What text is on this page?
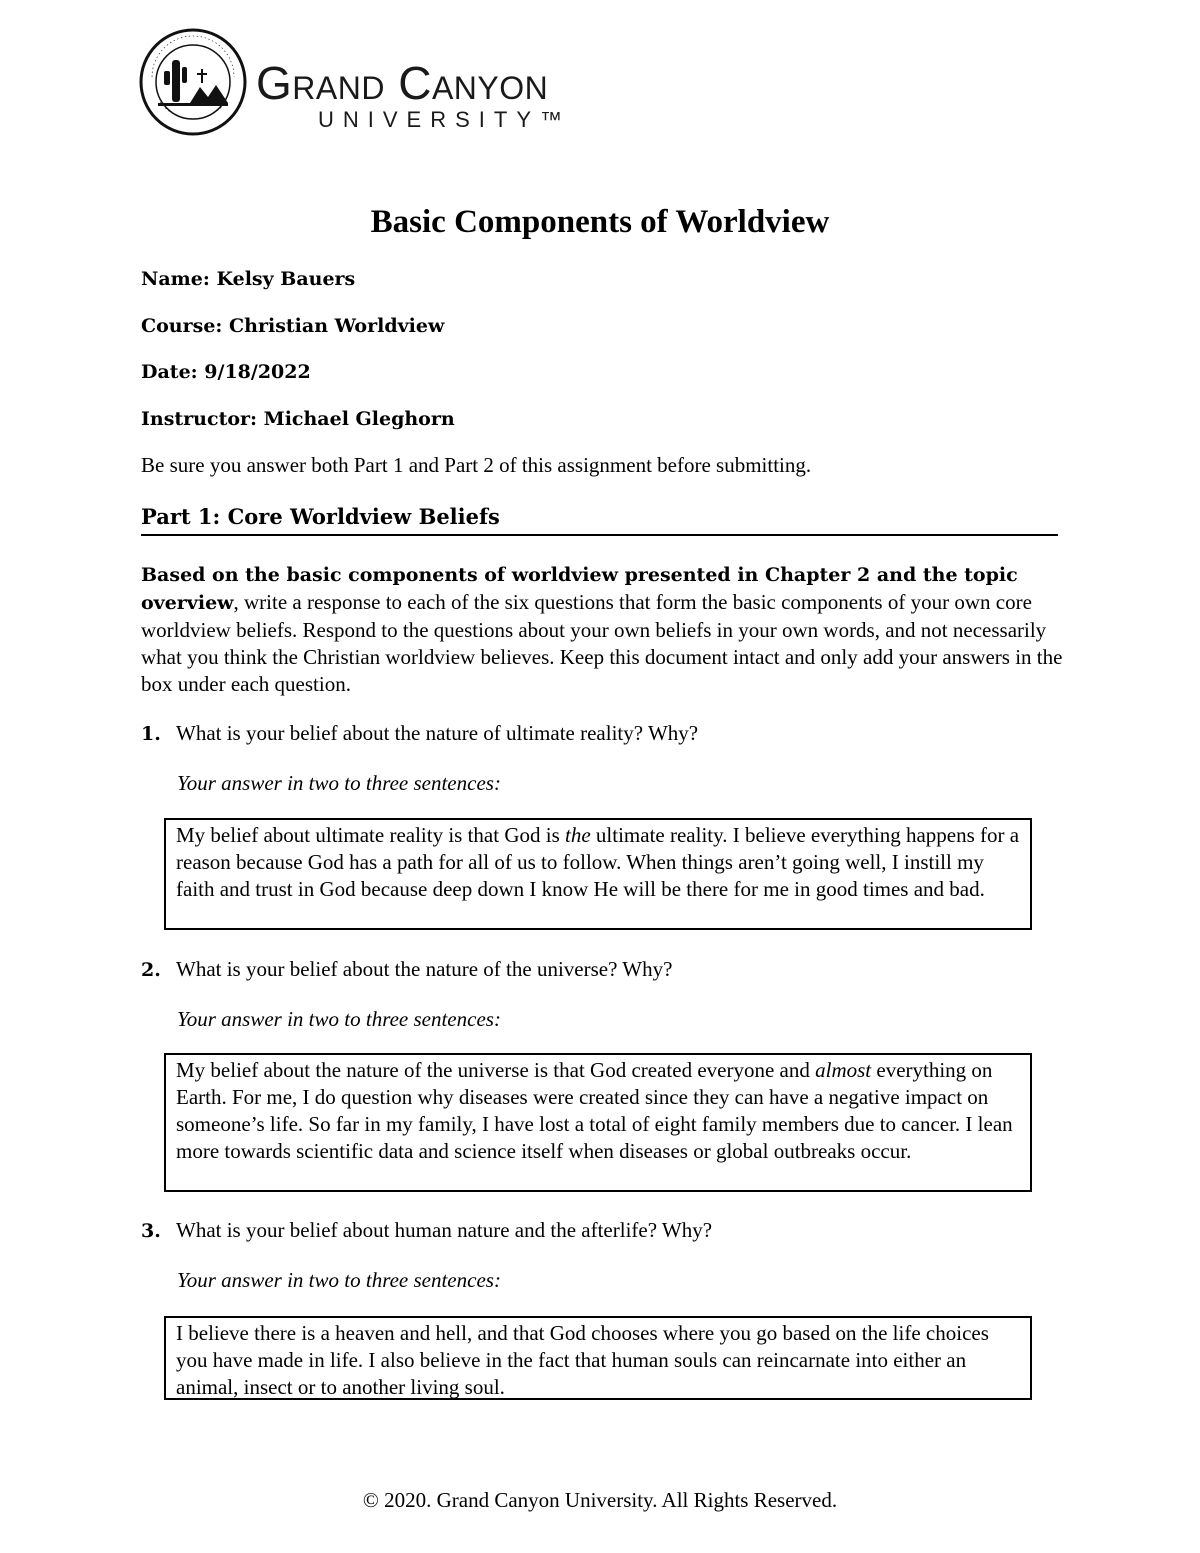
Grand Canyon
UNIVERSITY™
Basic Components of Worldview
Name: Kelsy Bauers
Course: Christian Worldview
Date: 9/18/2022
Instructor: Michael Gleghorn
Be sure you answer both Part 1 and Part 2 of this assignment before submitting.
Part 1: Core Worldview Beliefs
Based on the basic components of worldview presented in Chapter 2 and the topic overview, write a response to each of the six questions that form the basic components of your own core worldview beliefs. Respond to the questions about your own beliefs in your own words, and not necessarily what you think the Christian worldview believes. Keep this document intact and only add your answers in the box under each question.
1. What is your belief about the nature of ultimate reality? Why?
Your answer in two to three sentences:
My belief about ultimate reality is that God is the ultimate reality. I believe everything happens for a reason because God has a path for all of us to follow. When things aren’t going well, I instill my faith and trust in God because deep down I know He will be there for me in good times and bad.
2. What is your belief about the nature of the universe? Why?
Your answer in two to three sentences:
My belief about the nature of the universe is that God created everyone and almost everything on Earth. For me, I do question why diseases were created since they can have a negative impact on someone’s life. So far in my family, I have lost a total of eight family members due to cancer. I lean more towards scientific data and science itself when diseases or global outbreaks occur.
3. What is your belief about human nature and the afterlife? Why?
Your answer in two to three sentences:
I believe there is a heaven and hell, and that God chooses where you go based on the life choices you have made in life. I also believe in the fact that human souls can reincarnate into either an animal, insect or to another living soul.
© 2020. Grand Canyon University. All Rights Reserved.
